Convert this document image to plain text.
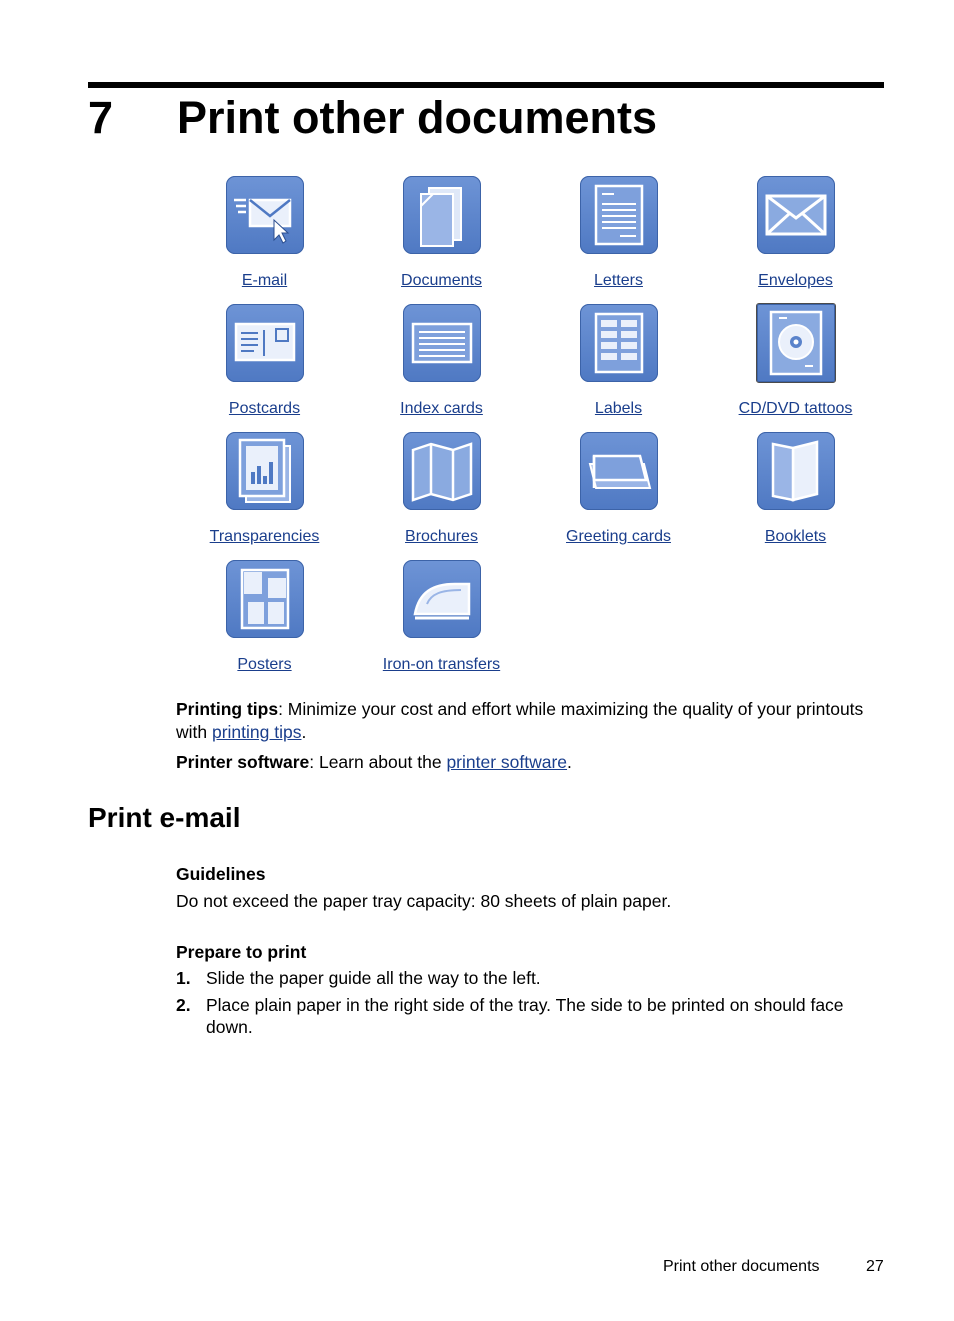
7 Print other documents
E-mail	Documents	Letters	Envelopes
Postcards	Index cards	Labels	CD/DVD tattoos
Transparencies	Brochures	Greeting cards	Booklets
Posters	Iron-on transfers
Printing tips: Minimize your cost and effort while maximizing the quality of your printouts with printing tips.
Printer software: Learn about the printer software.
Print e-mail
Guidelines
Do not exceed the paper tray capacity: 80 sheets of plain paper.
Prepare to print
1. Slide the paper guide all the way to the left.
2. Place plain paper in the right side of the tray. The side to be printed on should face down.
Print other documents	27
